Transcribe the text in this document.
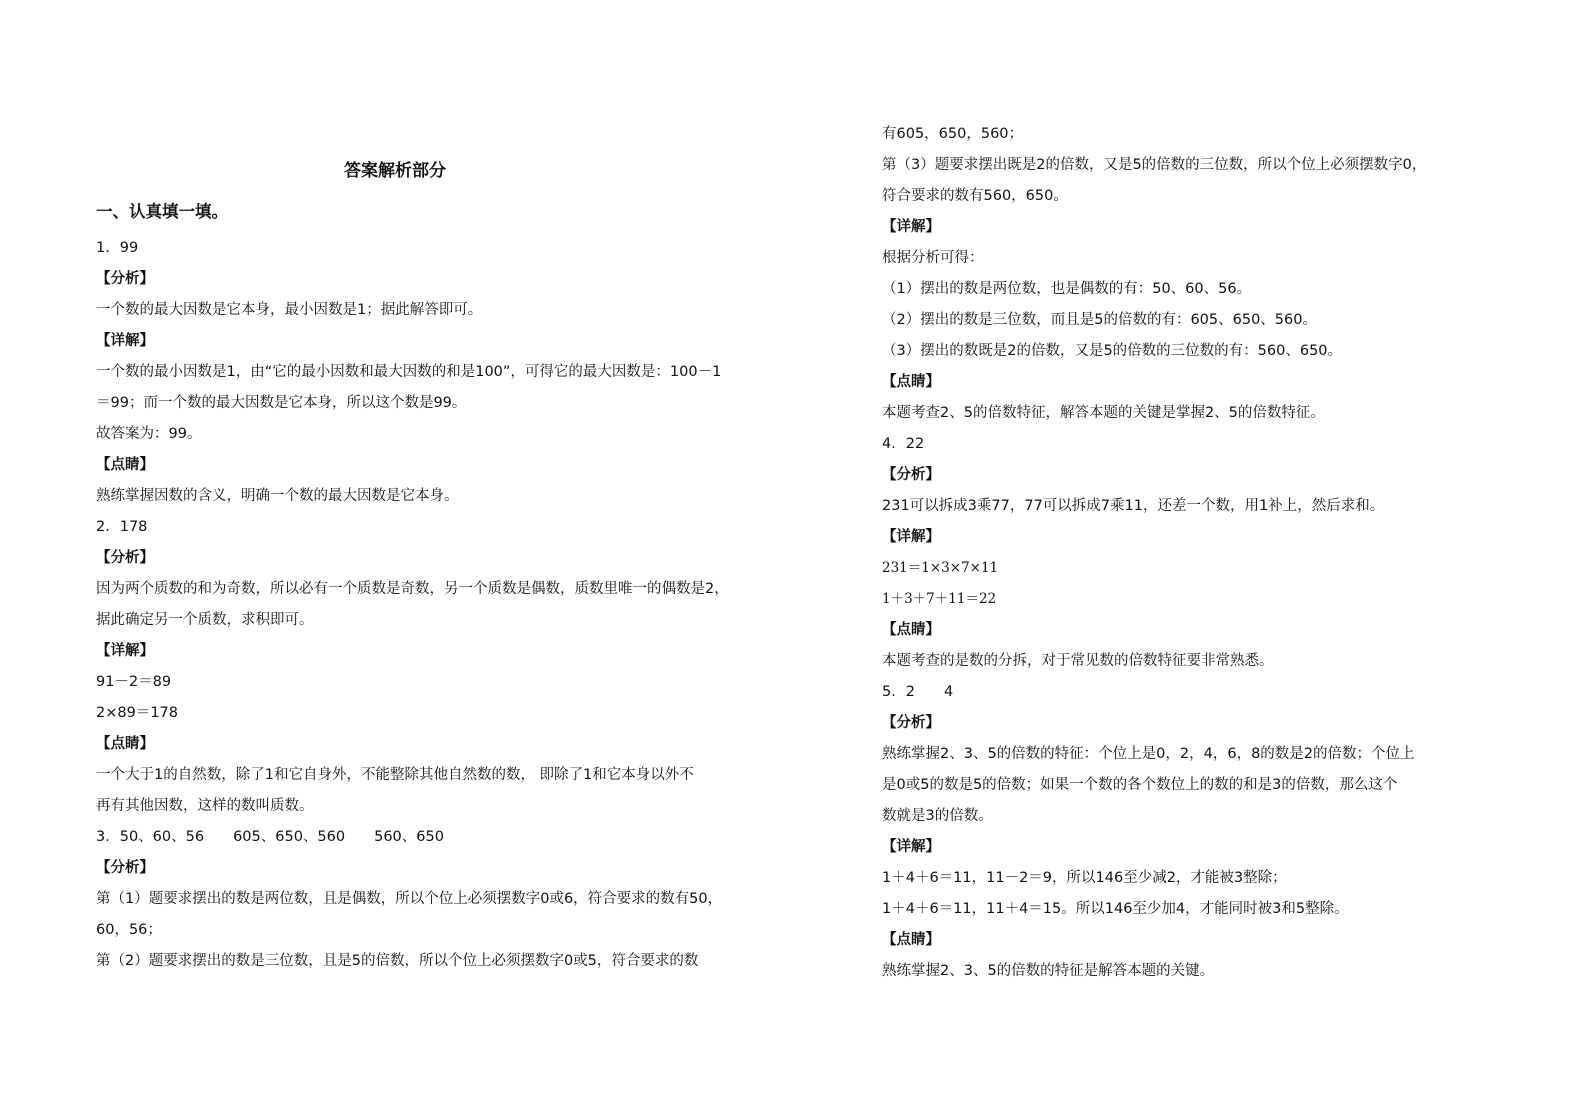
答案解析部分
一、认真填一填。
1．99
【分析】
一个数的最大因数是它本身，最小因数是1；据此解答即可。
【详解】
一个数的最小因数是1，由“它的最小因数和最大因数的和是100”，可得它的最大因数是：100－1
＝99；而一个数的最大因数是它本身，所以这个数是99。
故答案为：99。
【点睛】
熟练掌握因数的含义，明确一个数的最大因数是它本身。
2．178
【分析】
因为两个质数的和为奇数，所以必有一个质数是奇数，另一个质数是偶数，质数里唯一的偶数是2，
据此确定另一个质数，求积即可。
【详解】
91－2＝89
2×89＝178
【点睛】
一个大于1的自然数，除了1和它自身外，不能整除其他自然数的数， 即除了1和它本身以外不
再有其他因数，这样的数叫质数。
3．50、60、56　　605、650、560　　560、650
【分析】
第（1）题要求摆出的数是两位数，且是偶数，所以个位上必须摆数字0或6，符合要求的数有50，
60，56；
第（2）题要求摆出的数是三位数，且是5的倍数，所以个位上必须摆数字0或5，符合要求的数
有605，650，560；
第（3）题要求摆出既是2的倍数，又是5的倍数的三位数，所以个位上必须摆数字0，
符合要求的数有560，650。
【详解】
根据分析可得：
（1）摆出的数是两位数，也是偶数的有：50、60、56。
（2）摆出的数是三位数，而且是5的倍数的有：605、650、560。
（3）摆出的数既是2的倍数，又是5的倍数的三位数的有：560、650。
【点睛】
本题考查2、5的倍数特征，解答本题的关键是掌握2、5的倍数特征。
4．22
【分析】
231可以拆成3乘77，77可以拆成7乘11，还差一个数，用1补上，然后求和。
【详解】
231＝1×3×7×11
1＋3＋7＋11＝22
【点睛】
本题考查的是数的分拆，对于常见数的倍数特征要非常熟悉。
5．2　　4
【分析】
熟练掌握2、3、5的倍数的特征：个位上是0，2，4，6，8的数是2的倍数；个位上
是0或5的数是5的倍数；如果一个数的各个数位上的数的和是3的倍数，那么这个
数就是3的倍数。
【详解】
1＋4＋6＝11，11－2＝9，所以146至少减2，才能被3整除；
1＋4＋6＝11，11＋4＝15。所以146至少加4，才能同时被3和5整除。
【点睛】
熟练掌握2、3、5的倍数的特征是解答本题的关键。
